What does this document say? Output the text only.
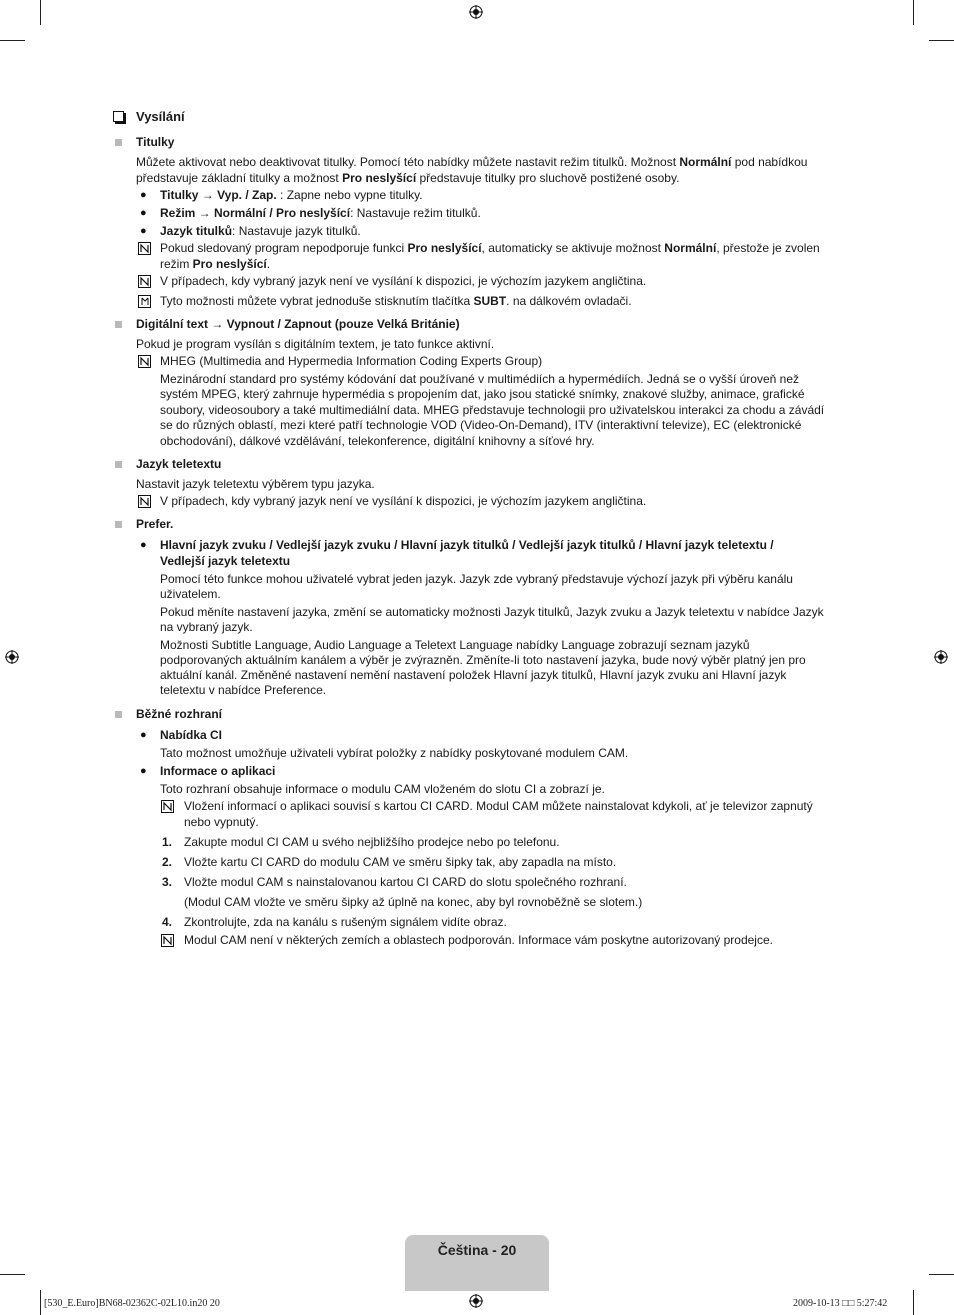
Vysílání
Titulky
Můžete aktivovat nebo deaktivovat titulky. Pomocí této nabídky můžete nastavit režim titulků. Možnost Normální pod nabídkou
představuje základní titulky a možnost Pro neslyšící představuje titulky pro sluchově postižené osoby.
● Titulky → Vyp. / Zap. : Zapne nebo vypne titulky.
● Režim → Normální / Pro neslyšící: Nastavuje režim titulků.
● Jazyk titulků: Nastavuje jazyk titulků.
Pokud sledovaný program nepodporuje funkci Pro neslyšící, automaticky se aktivuje možnost Normální, přestože je zvolen
režim Pro neslyšící.
V případech, kdy vybraný jazyk není ve vysílání k dispozici, je výchozím jazykem angličtina.
Tyto možnosti můžete vybrat jednoduše stisknutím tlačítka SUBT. na dálkovém ovladači.
Digitální text → Vypnout / Zapnout (pouze Velká Británie)
Pokud je program vysílán s digitálním textem, je tato funkce aktivní.
MHEG (Multimedia and Hypermedia Information Coding Experts Group)
Mezinárodní standard pro systémy kódování dat používané v multimédiích a hypermédiích. Jedná se o vyšší úroveň než
systém MPEG, který zahrnuje hypermédia s propojením dat, jako jsou statické snímky, znakové služby, animace, grafické
soubory, videosoubory a také multimediální data. MHEG představuje technologii pro uživatelskou interakci za chodu a závádí
se do různých oblastí, mezi které patří technologie VOD (Video-On-Demand), ITV (interaktivní televize), EC (elektronické
obchodování), dálkové vzdělávání, telekonference, digitální knihovny a síťové hry.
Jazyk teletextu
Nastavit jazyk teletextu výběrem typu jazyka.
V případech, kdy vybraný jazyk není ve vysílání k dispozici, je výchozím jazykem angličtina.
Prefer.
● Hlavní jazyk zvuku / Vedlejší jazyk zvuku / Hlavní jazyk titulků / Vedlejší jazyk titulků / Hlavní jazyk teletextu /
Vedlejší jazyk teletextu
Pomocí této funkce mohou uživatelé vybrat jeden jazyk. Jazyk zde vybraný představuje výchozí jazyk při výběru kanálu
uživatelem.
Pokud měníte nastavení jazyka, změní se automaticky možnosti Jazyk titulků, Jazyk zvuku a Jazyk teletextu v nabídce Jazyk
na vybraný jazyk.
Možnosti Subtitle Language, Audio Language a Teletext Language nabídky Language zobrazují seznam jazyků
podporovaných aktuálním kanálem a výběr je zvýrazněn. Změníte-li toto nastavení jazyka, bude nový výběr platný jen pro
aktuální kanál. Změněné nastavení nemění nastavení položek Hlavní jazyk titulků, Hlavní jazyk zvuku ani Hlavní jazyk
teletextu v nabídce Preference.
Běžné rozhraní
● Nabídka CI
Tato možnost umožňuje uživateli vybírat položky z nabídky poskytované modulem CAM.
● Informace o aplikaci
Toto rozhraní obsahuje informace o modulu CAM vloženém do slotu CI a zobrazí je.
Vložení informací o aplikaci souvisí s kartou CI CARD. Modul CAM můžete nainstalovat kdykoli, ať je televizor zapnutý
nebo vypnutý.
1. Zakupte modul CI CAM u svého nejbližšího prodejce nebo po telefonu.
2. Vložte kartu CI CARD do modulu CAM ve směru šipky tak, aby zapadla na místo.
3. Vložte modul CAM s nainstalovanou kartou CI CARD do slotu společného rozhraní.
(Modul CAM vložte ve směru šipky až úplně na konec, aby byl rovnoběžně se slotem.)
4. Zkontrolujte, zda na kanálu s rušeným signálem vidíte obraz.
Modul CAM není v některých zemích a oblastech podporován. Informace vám poskytne autorizovaný prodejce.
Čeština - 20
[530_E.Euro]BN68-02362C-02L10.in20 20	2009-10-13 □□ 5:27:42
